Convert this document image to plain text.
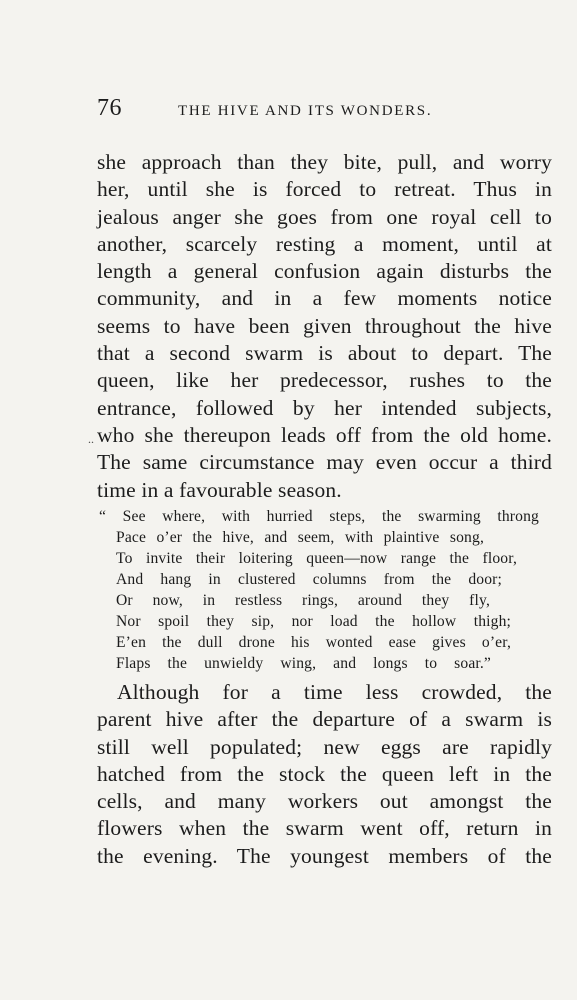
76	THE HIVE AND ITS WONDERS.
she approach than they bite, pull, and worry
her, until she is forced to retreat. Thus in
jealous anger she goes from one royal cell to
another, scarcely resting a moment, until at
length a general confusion again disturbs the
community, and in a few moments notice
seems to have been given throughout the hive
that a second swarm is about to depart. The
queen, like her predecessor, rushes to the
entrance, followed by her intended subjects,
who she thereupon leads off from the old home.
The same circumstance may even occur a third
time in a favourable season.
..
“ See where, with hurried steps, the swarming throng
Pace o’er the hive, and seem, with plaintive song,
To invite their loitering queen—now range the floor,
And hang in clustered columns from the door;
Or now, in restless rings, around they fly,
Nor spoil they sip, nor load the hollow thigh;
E’en the dull drone his wonted ease gives o’er,
Flaps the unwieldy wing, and longs to soar.”
Although for a time less crowded, the
parent hive after the departure of a swarm is
still well populated; new eggs are rapidly
hatched from the stock the queen left in the
cells, and many workers out amongst the
flowers when the swarm went off, return in
the evening. The youngest members of the
